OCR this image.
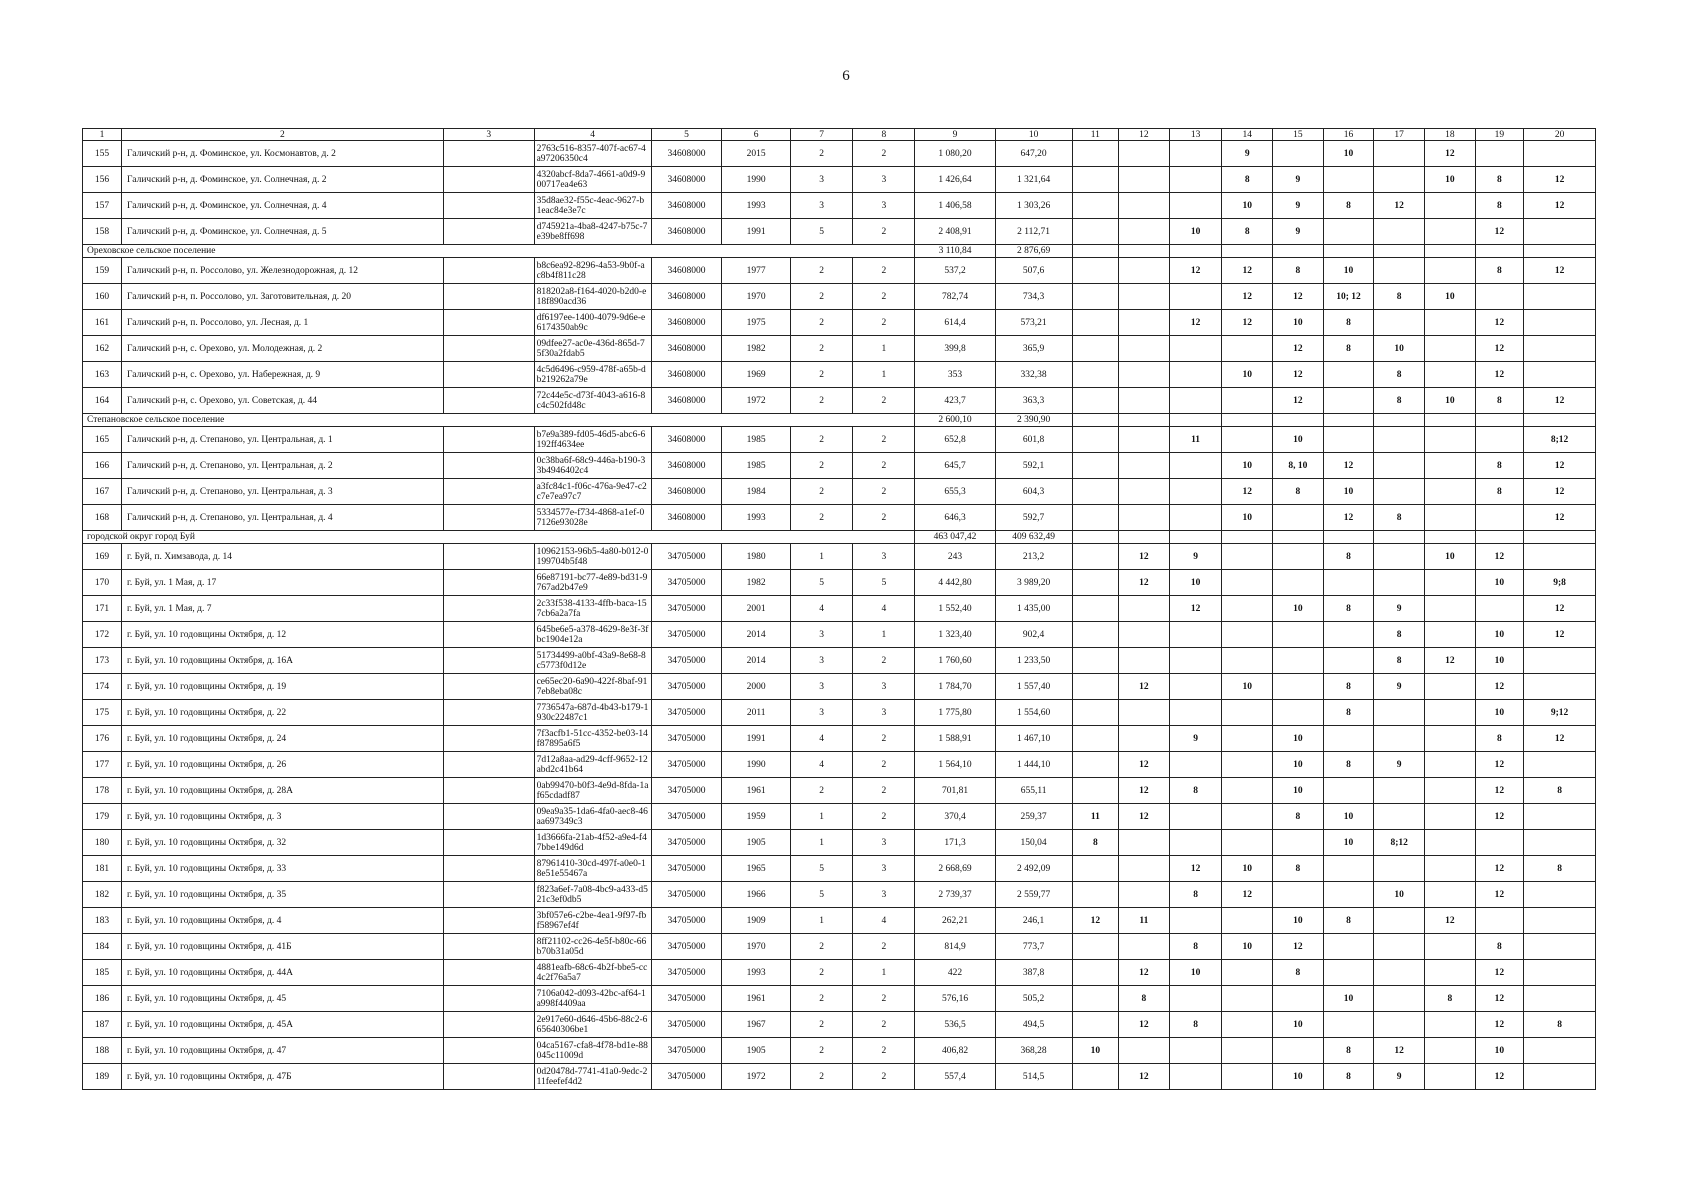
6
1	2	3	4	5	6	7	8	9	10	11	12	13	14	15	16	17	18	19	20
155	Галичский р-н, д. Фоминское, ул. Космонавтов, д. 2		2763c516-8357-407f-ac67-4a97206350c4	34608000	2015	2	2	1 080,20	647,20				9		10		12		
156	Галичский р-н, д. Фоминское, ул. Солнечная, д. 2		4320abcf-8da7-4661-a0d9-900717ea4e63	34608000	1990	3	3	1 426,64	1 321,64				8	9			10	8	12
157	Галичский р-н, д. Фоминское, ул. Солнечная, д. 4		35d8ae32-f55c-4eac-9627-b1eac84e3e7c	34608000	1993	3	3	1 406,58	1 303,26				10	9	8	12		8	12
158	Галичский р-н, д. Фоминское, ул. Солнечная, д. 5		d745921a-4ba8-4247-b75c-7e39be8ff698	34608000	1991	5	2	2 408,91	2 112,71			10	8	9				12	
Ореховское сельское поселение								3 110,84	2 876,69										
159	Галичский р-н, п. Россолово, ул. Железнодорожная, д. 12		b8c6ea92-8296-4a53-9b0f-ac8b4f811c28	34608000	1977	2	2	537,2	507,6			12	12	8	10			8	12
160	Галичский р-н, п. Россолово, ул. Заготовительная, д. 20		818202a8-f164-4020-b2d0-e18f890acd36	34608000	1970	2	2	782,74	734,3				12	12	10; 12	8	10		
161	Галичский р-н, п. Россолово, ул. Лесная, д. 1		df6197ee-1400-4079-9d6e-e6174350ab9c	34608000	1975	2	2	614,4	573,21			12	12	10	8			12	
162	Галичский р-н, с. Орехово, ул. Молодежная, д. 2		09dfee27-ac0e-436d-865d-75f30a2fdab5	34608000	1982	2	1	399,8	365,9					12	8	10		12	
163	Галичский р-н, с. Орехово, ул. Набережная, д. 9		4c5d6496-c959-478f-a65b-db219262a79e	34608000	1969	2	1	353	332,38				10	12		8		12	
164	Галичский р-н, с. Орехово, ул. Советская, д. 44		72c44e5c-d73f-4043-a616-8c4c502fd48c	34608000	1972	2	2	423,7	363,3					12		8	10	8	12
Степановское сельское поселение								2 600,10	2 390,90										
165	Галичский р-н, д. Степаново, ул. Центральная, д. 1		b7e9a389-fd05-46d5-abc6-6192ff4634ee	34608000	1985	2	2	652,8	601,8			11		10					8;12
166	Галичский р-н, д. Степаново, ул. Центральная, д. 2		0c38ba6f-68c9-446a-b190-33b4946402c4	34608000	1985	2	2	645,7	592,1				10	8, 10	12			8	12
167	Галичский р-н, д. Степаново, ул. Центральная, д. 3		a3fc84c1-f06c-476a-9e47-c2c7e7ea97c7	34608000	1984	2	2	655,3	604,3				12	8	10			8	12
168	Галичский р-н, д. Степаново, ул. Центральная, д. 4		5334577e-f734-4868-a1ef-07126e93028e	34608000	1993	2	2	646,3	592,7				10		12	8			12
городской округ город Буй								463 047,42	409 632,49										
169	г. Буй, п. Химзавода, д. 14		10962153-96b5-4a80-b012-0199704b5f48	34705000	1980	1	3	243	213,2		12	9			8		10	12	
170	г. Буй, ул. 1 Мая, д. 17		66e87191-bc77-4e89-bd31-9767ad2b47e9	34705000	1982	5	5	4 442,80	3 989,20		12	10						10	9;8
171	г. Буй, ул. 1 Мая, д. 7		2c33f538-4133-4ffb-baca-157cb6a2a7fa	34705000	2001	4	4	1 552,40	1 435,00			12		10	8	9			12
172	г. Буй, ул. 10 годовщины Октября, д. 12		645be6e5-a378-4629-8e3f-3fbc1904e12a	34705000	2014	3	1	1 323,40	902,4							8		10	12
173	г. Буй, ул. 10 годовщины Октября, д. 16А		51734499-a0bf-43a9-8e68-8c5773f0d12e	34705000	2014	3	2	1 760,60	1 233,50							8	12	10	
174	г. Буй, ул. 10 годовщины Октября, д. 19		ce65ec20-6a90-422f-8baf-917eb8eba08c	34705000	2000	3	3	1 784,70	1 557,40		12		10		8	9		12	
175	г. Буй, ул. 10 годовщины Октября, д. 22		7736547a-687d-4b43-b179-1930c22487c1	34705000	2011	3	3	1 775,80	1 554,60						8			10	9;12
176	г. Буй, ул. 10 годовщины Октября, д. 24		7f3acfb1-51cc-4352-be03-14f87895a6f5	34705000	1991	4	2	1 588,91	1 467,10			9		10				8	12
177	г. Буй, ул. 10 годовщины Октября, д. 26		7d12a8aa-ad29-4cff-9652-12abd2c41b64	34705000	1990	4	2	1 564,10	1 444,10		12			10	8	9		12	
178	г. Буй, ул. 10 годовщины Октября, д. 28А		0ab99470-b0f3-4e9d-8fda-1af65cdadf87	34705000	1961	2	2	701,81	655,11		12	8		10				12	8
179	г. Буй, ул. 10 годовщины Октября, д. 3		09ea9a35-1da6-4fa0-aec8-46aa697349c3	34705000	1959	1	2	370,4	259,37	11	12			8	10			12	
180	г. Буй, ул. 10 годовщины Октября, д. 32		1d3666fa-21ab-4f52-a9e4-f47bbe149d6d	34705000	1905	1	3	171,3	150,04	8					10	8;12			
181	г. Буй, ул. 10 годовщины Октября, д. 33		87961410-30cd-497f-a0e0-18e51e55467a	34705000	1965	5	3	2 668,69	2 492,09			12	10	8				12	8
182	г. Буй, ул. 10 годовщины Октября, д. 35		f823a6ef-7a08-4bc9-a433-d521c3ef0db5	34705000	1966	5	3	2 739,37	2 559,77			8	12			10		12	
183	г. Буй, ул. 10 годовщины Октября, д. 4		3bf057e6-c2be-4ea1-9f97-fbf58967ef4f	34705000	1909	1	4	262,21	246,1	12	11			10	8		12		
184	г. Буй, ул. 10 годовщины Октября, д. 41Б		8ff21102-cc26-4e5f-b80c-66b70b31a05d	34705000	1970	2	2	814,9	773,7			8	10	12				8	
185	г. Буй, ул. 10 годовщины Октября, д. 44А		4881eafb-68c6-4b2f-bbe5-cc4c2f76a5a7	34705000	1993	2	1	422	387,8		12	10		8				12	
186	г. Буй, ул. 10 годовщины Октября, д. 45		7106a042-d093-42bc-af64-1a998f4409aa	34705000	1961	2	2	576,16	505,2		8				10		8	12	
187	г. Буй, ул. 10 годовщины Октября, д. 45А		2e917e60-d646-45b6-88c2-665640306be1	34705000	1967	2	2	536,5	494,5		12	8		10				12	8
188	г. Буй, ул. 10 годовщины Октября, д. 47		04ca5167-cfa8-4f78-bd1e-88045c11009d	34705000	1905	2	2	406,82	368,28	10					8	12		10	
189	г. Буй, ул. 10 годовщины Октября, д. 47Б		0d20478d-7741-41a0-9edc-211feefef4d2	34705000	1972	2	2	557,4	514,5		12			10	8	9		12	
